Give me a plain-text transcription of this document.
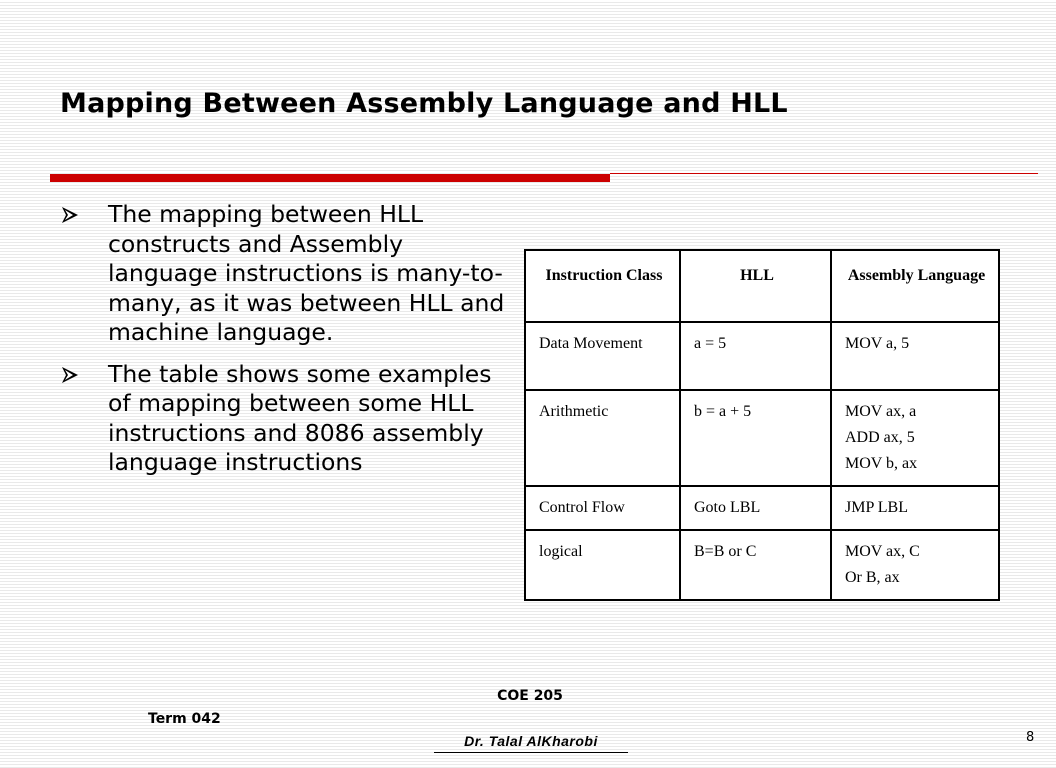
Mapping Between Assembly Language and HLL
The mapping between HLL constructs and Assembly language instructions is many-to-many, as it was between HLL and machine language.
The table shows some examples of mapping between some HLL instructions and 8086 assembly language instructions
Instruction Class	HLL	Assembly Language
Data Movement	a = 5	MOV a, 5

Arithmetic	b = a + 5	MOV ax, a
ADD ax, 5
MOV b, ax

Control Flow	Goto LBL	JMP LBL

logical	B=B or C	MOV ax, C
Or B, ax
COE 205
Term 042
Dr. Talal AlKharobi	8
